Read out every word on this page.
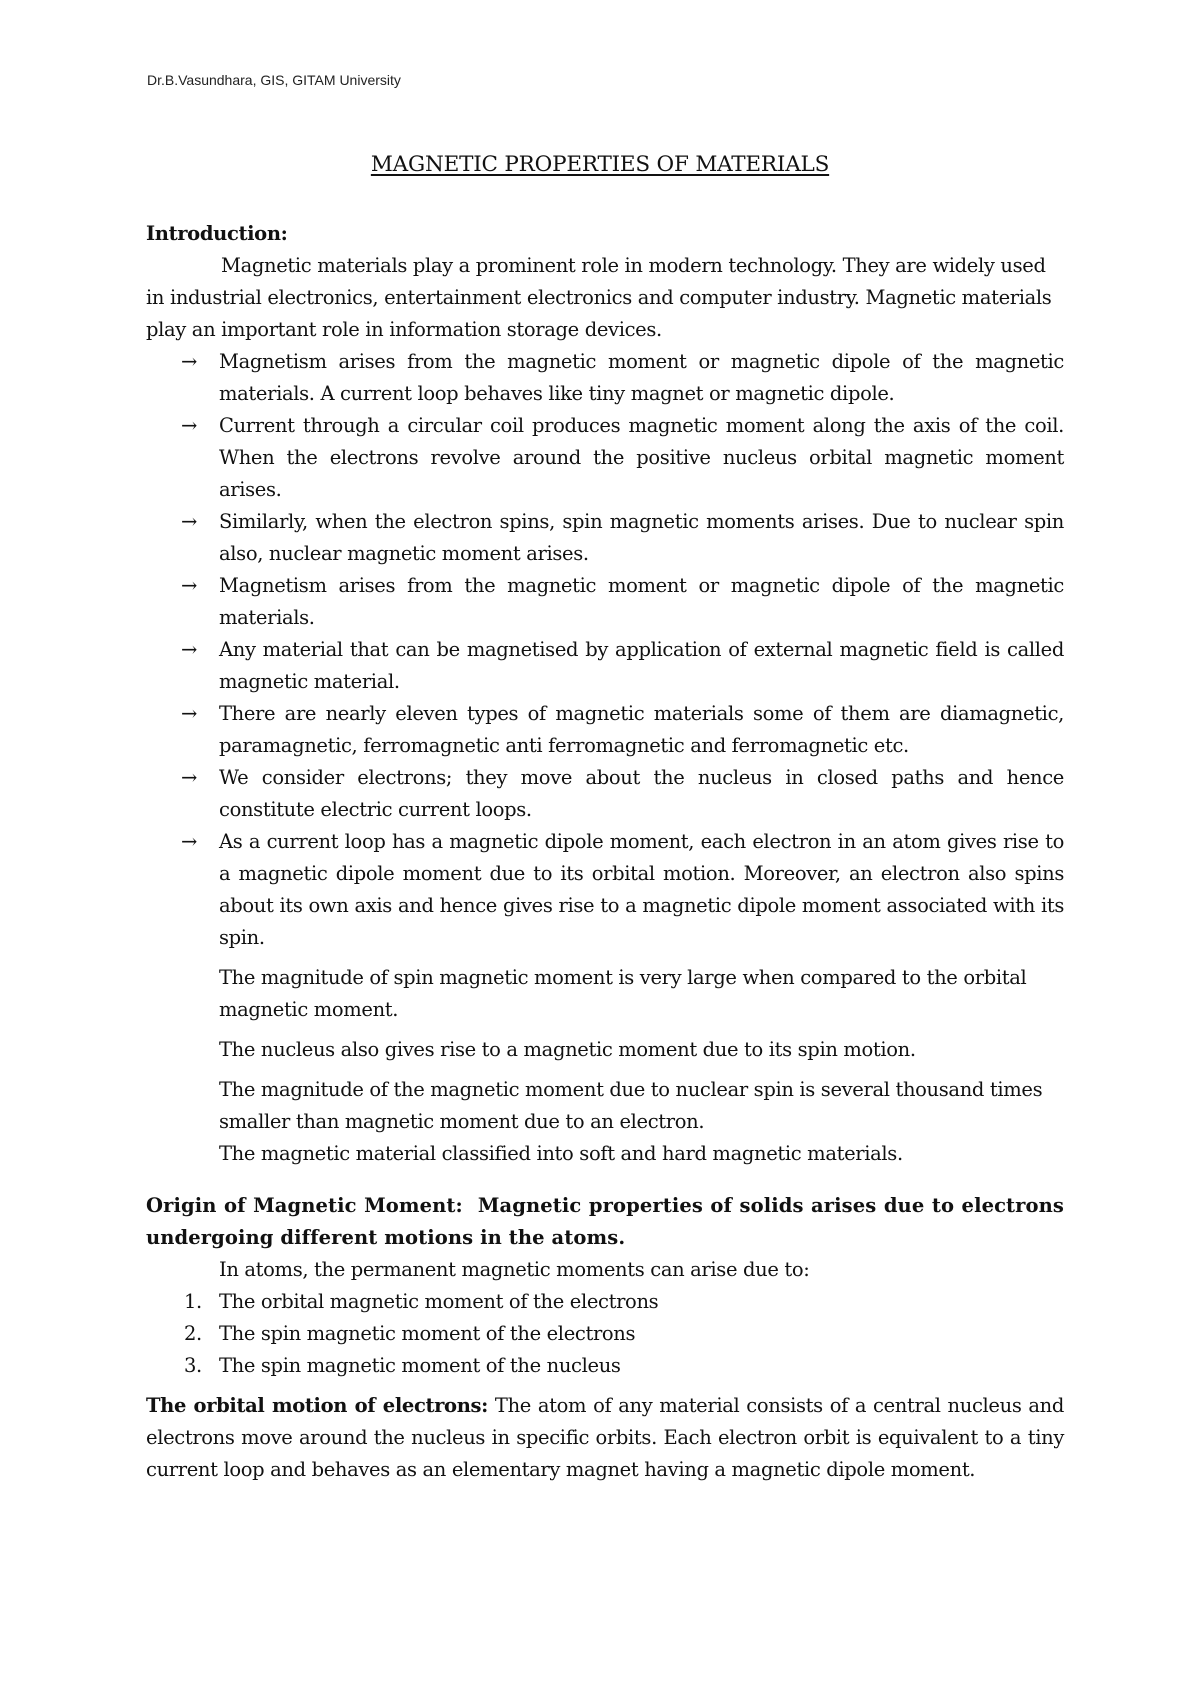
Dr.B.Vasundhara, GIS, GITAM University
MAGNETIC PROPERTIES OF MATERIALS
Introduction:

Magnetic materials play a prominent role in modern technology. They are widely used in industrial electronics, entertainment electronics and computer industry. Magnetic materials play an important role in information storage devices.

→ Magnetism arises from the magnetic moment or magnetic dipole of the magnetic materials. A current loop behaves like tiny magnet or magnetic dipole.
→ Current through a circular coil produces magnetic moment along the axis of the coil. When the electrons revolve around the positive nucleus orbital magnetic moment arises.
→ Similarly, when the electron spins, spin magnetic moments arises. Due to nuclear spin also, nuclear magnetic moment arises.
→ Magnetism arises from the magnetic moment or magnetic dipole of the magnetic materials.
→ Any material that can be magnetised by application of external magnetic field is called magnetic material.
→ There are nearly eleven types of magnetic materials some of them are diamagnetic, paramagnetic, ferromagnetic anti ferromagnetic and ferromagnetic etc.
→ We consider electrons; they move about the nucleus in closed paths and hence constitute electric current loops.
→ As a current loop has a magnetic dipole moment, each electron in an atom gives rise to a magnetic dipole moment due to its orbital motion. Moreover, an electron also spins about its own axis and hence gives rise to a magnetic dipole moment associated with its spin.

The magnitude of spin magnetic moment is very large when compared to the orbital magnetic moment.

The nucleus also gives rise to a magnetic moment due to its spin motion.

The magnitude of the magnetic moment due to nuclear spin is several thousand times smaller than magnetic moment due to an electron.

The magnetic material classified into soft and hard magnetic materials.

Origin of Magnetic Moment: Magnetic properties of solids arises due to electrons undergoing different motions in the atoms.

In atoms, the permanent magnetic moments can arise due to:
1. The orbital magnetic moment of the electrons
2. The spin magnetic moment of the electrons
3. The spin magnetic moment of the nucleus

The orbital motion of electrons: The atom of any material consists of a central nucleus and electrons move around the nucleus in specific orbits. Each electron orbit is equivalent to a tiny current loop and behaves as an elementary magnet having a magnetic dipole moment.
